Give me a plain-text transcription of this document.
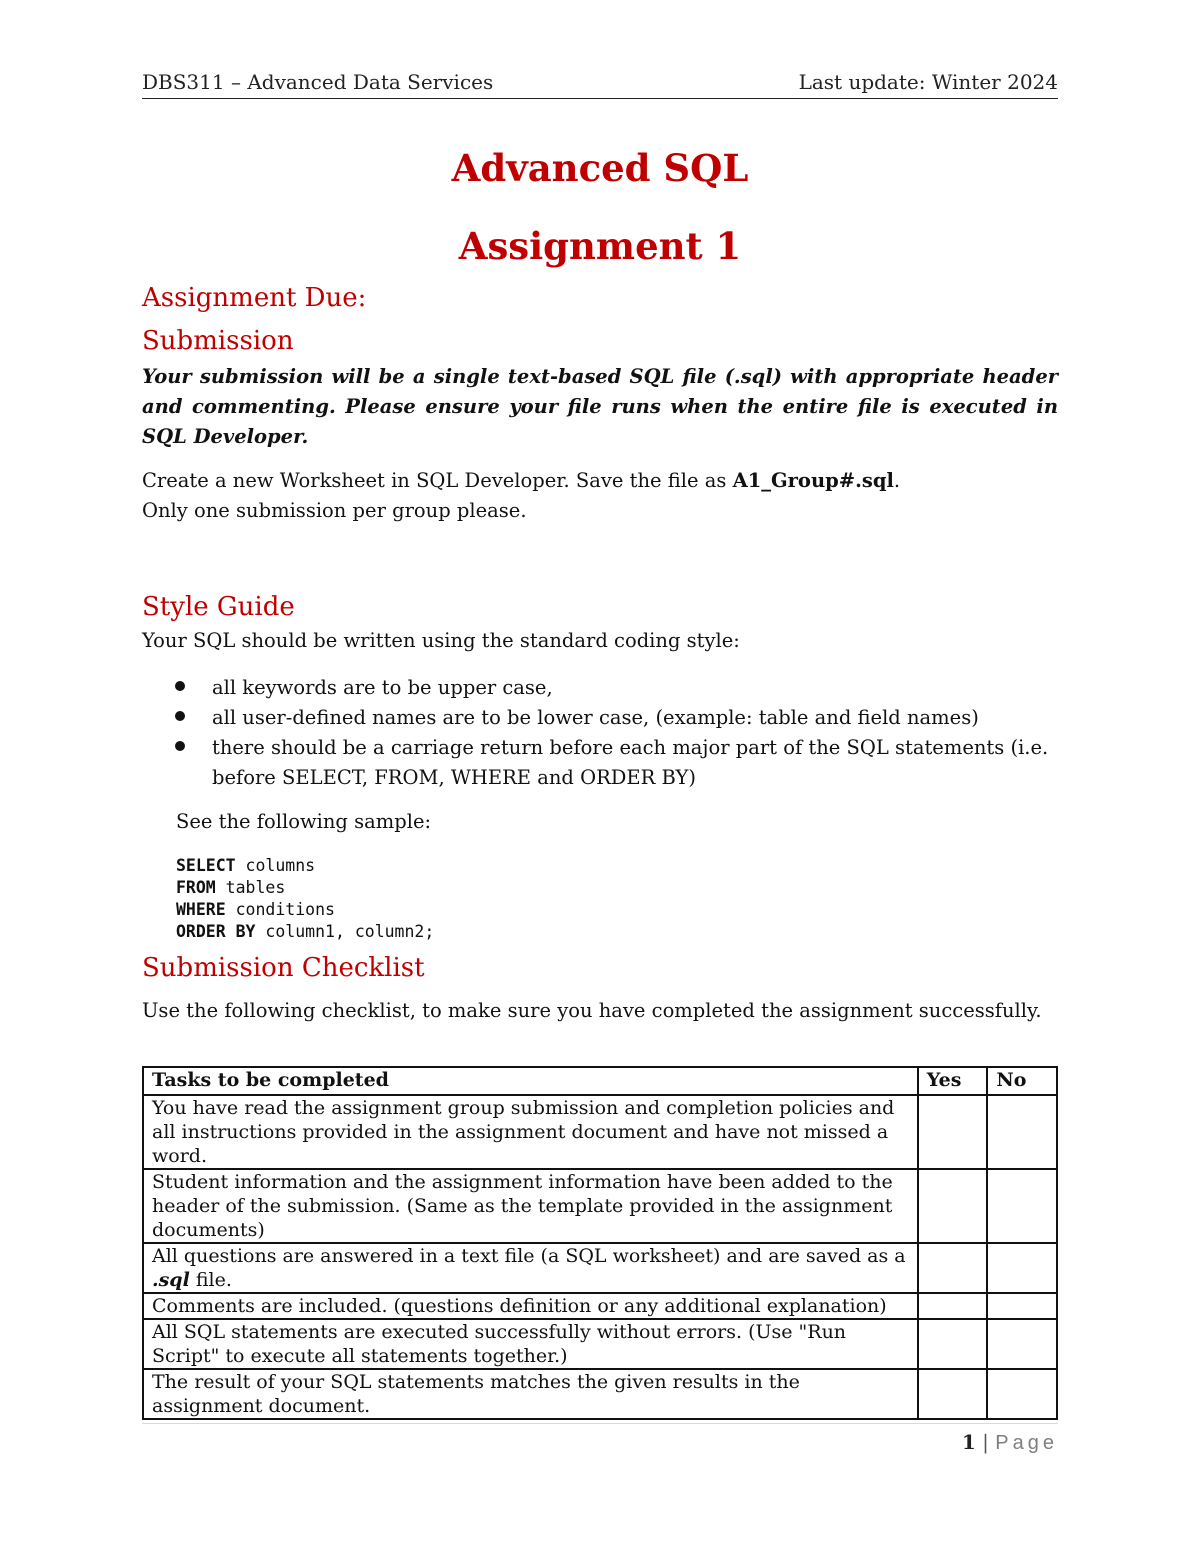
DBS311 – Advanced Data Services	Last update: Winter 2024
Advanced SQL
Assignment 1
Assignment Due:
Submission
Your submission will be a single text-based SQL file (.sql) with appropriate header and commenting. Please ensure your file runs when the entire file is executed in SQL Developer.
Create a new Worksheet in SQL Developer. Save the file as A1_Group#.sql.
Only one submission per group please.
Style Guide
Your SQL should be written using the standard coding style:
all keywords are to be upper case,
all user-defined names are to be lower case, (example: table and field names)
there should be a carriage return before each major part of the SQL statements (i.e. before SELECT, FROM, WHERE and ORDER BY)
See the following sample:
SELECT columns
FROM tables
WHERE conditions
ORDER BY column1, column2;
Submission Checklist
Use the following checklist, to make sure you have completed the assignment successfully.
Tasks to be completed	Yes	No
You have read the assignment group submission and completion policies and all instructions provided in the assignment document and have not missed a word.		
Student information and the assignment information have been added to the header of the submission. (Same as the template provided in the assignment documents)		
All questions are answered in a text file (a SQL worksheet) and are saved as a .sql file.		
Comments are included. (questions definition or any additional explanation)		
All SQL statements are executed successfully without errors. (Use "Run Script" to execute all statements together.)		
The result of your SQL statements matches the given results in the assignment document.		
1 | Page
